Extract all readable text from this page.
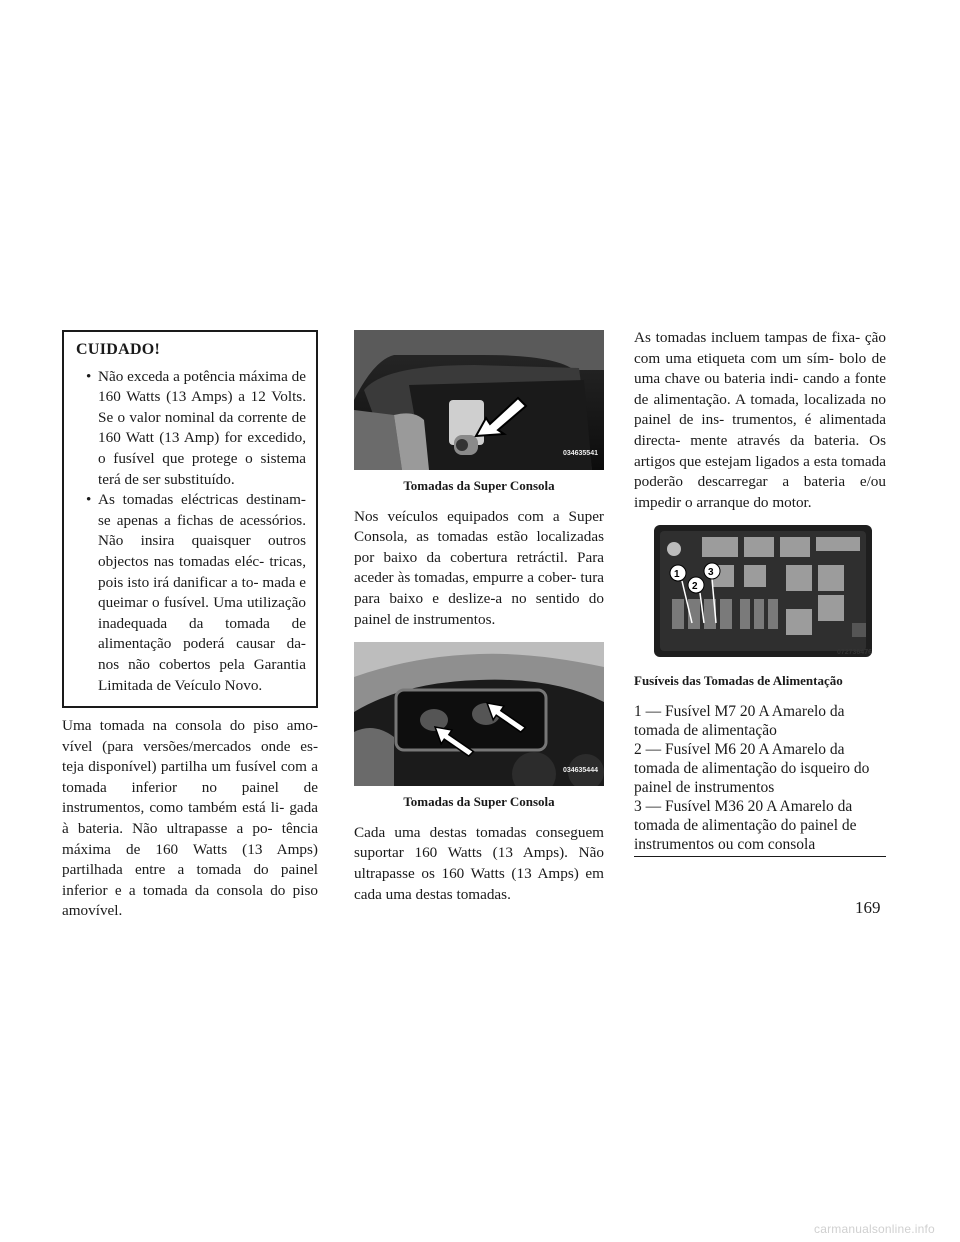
CUIDADO!
• Não exceda a potência máxima de 160 Watts (13 Amps) a 12 Volts. Se o valor nominal da corrente de 160 Watt (13 Amp) for excedido, o fusível que protege o sistema terá de ser substituído.
• As tomadas eléctricas destinam-se apenas a fichas de acessórios. Não insira quaisquer outros objectos nas tomadas eléc- tricas, pois isto irá danificar a to- mada e queimar o fusível. Uma utilização inadequada da tomada de alimentação poderá causar da- nos não cobertos pela Garantia Limitada de Veículo Novo.

Uma tomada na consola do piso amo- vível (para versões/mercados onde es- teja disponível) partilha um fusível com a tomada inferior no painel de instrumentos, como também está li- gada à bateria. Não ultrapasse a po- tência máxima de 160 Watts (13 Amps) partilhada entre a tomada do painel inferior e a tomada da consola do piso amovível.

034635541
Tomadas da Super Consola

Nos veículos equipados com a Super Consola, as tomadas estão localizadas por baixo da cobertura retráctil. Para aceder às tomadas, empurre a cober- tura para baixo e deslize-a no sentido do painel de instrumentos.

034635444
Tomadas da Super Consola

Cada uma destas tomadas conseguem suportar 160 Watts (13 Amps). Não ultrapasse os 160 Watts (13 Amps) em cada uma destas tomadas.

As tomadas incluem tampas de fixa- ção com uma etiqueta com um sím- bolo de uma chave ou bateria indi- cando a fonte de alimentação. A tomada, localizada no painel de ins- trumentos, é alimentada directa- mente através da bateria. Os artigos que estejam ligados a esta tomada poderão descarregar a bateria e/ou impedir o arranque do motor.

1
2
3
072736476
Fusíveis das Tomadas de Alimentação
1 — Fusível M7 20 A Amarelo da tomada de alimentação
2 — Fusível M6 20 A Amarelo da tomada de alimentação do isqueiro do painel de instrumentos
3 — Fusível M36 20 A Amarelo da tomada de alimentação do painel de instrumentos ou com consola
169
carmanualsonline.info
